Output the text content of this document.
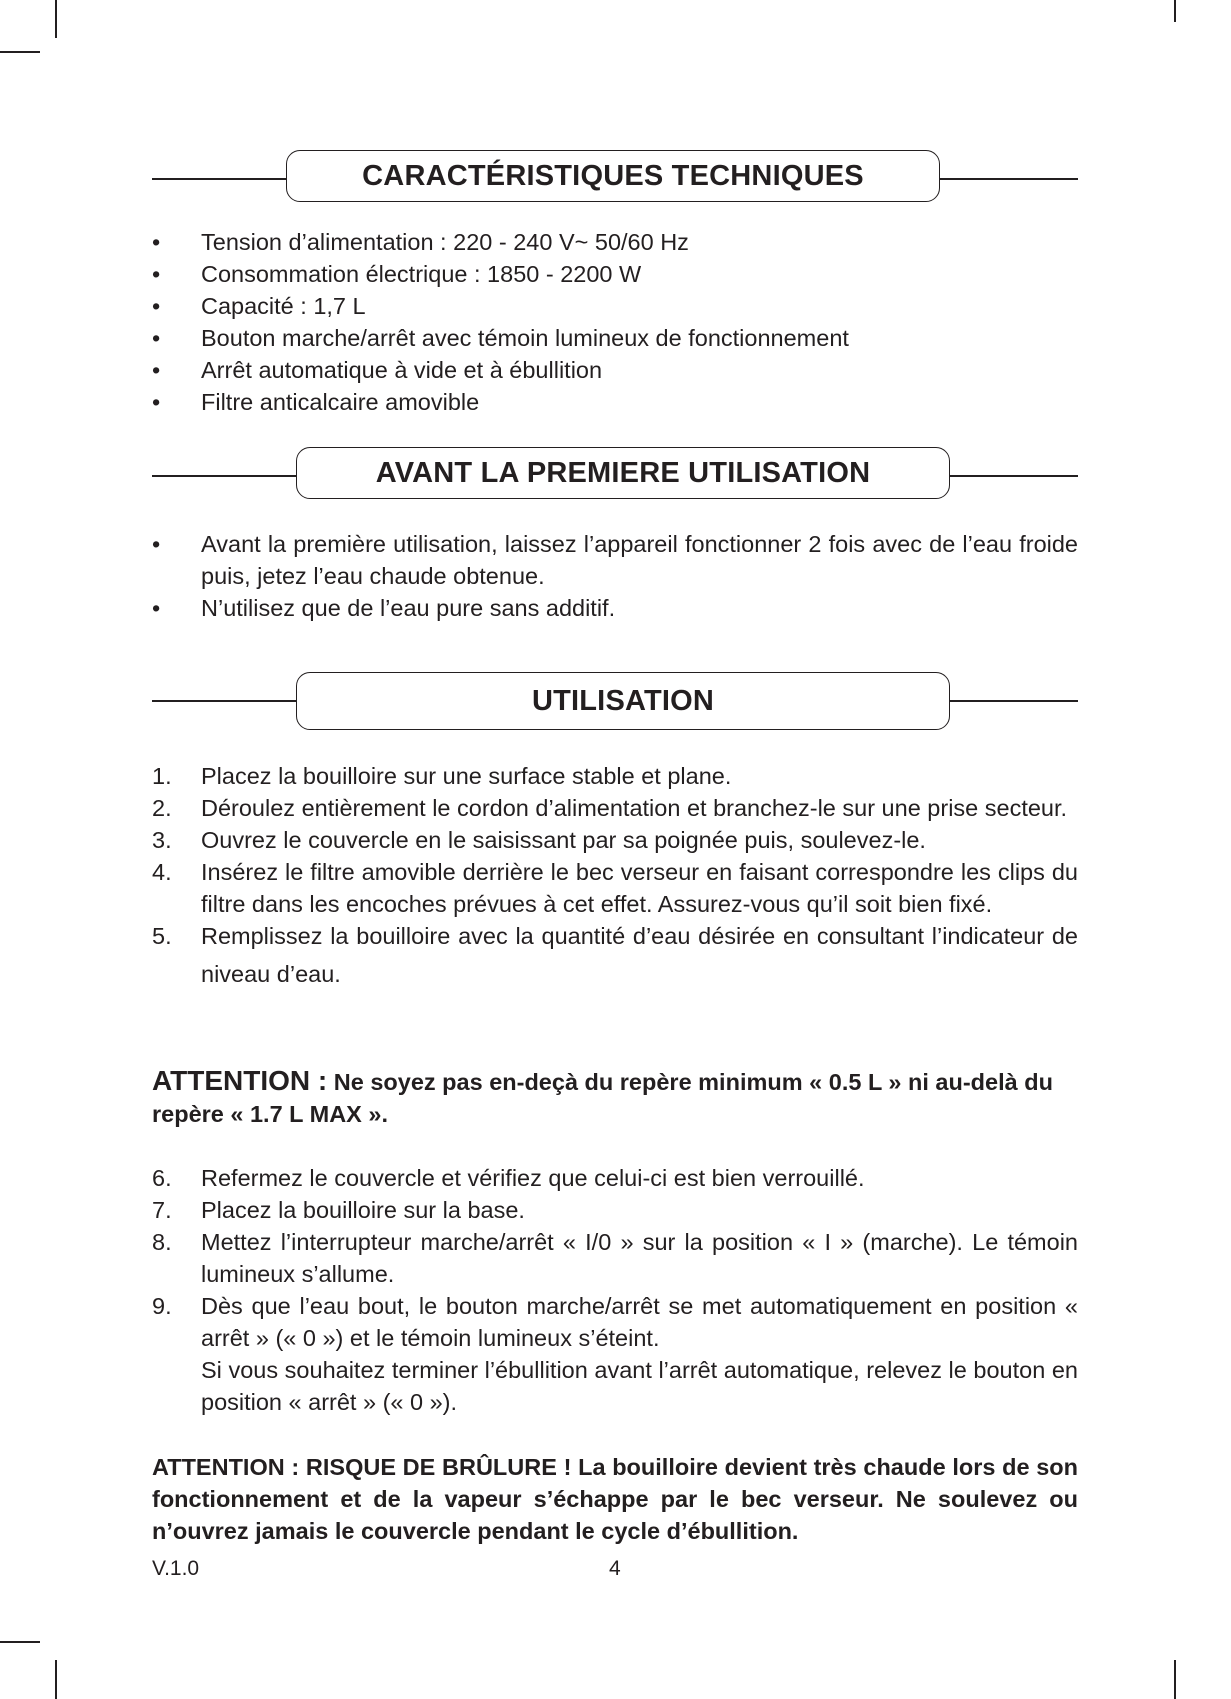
CARACTÉRISTIQUES TECHNIQUES
• Tension d’alimentation : 220 - 240 V~ 50/60 Hz
• Consommation électrique : 1850 - 2200 W
• Capacité : 1,7 L
• Bouton marche/arrêt avec témoin lumineux de fonctionnement
• Arrêt automatique à vide et à ébullition
• Filtre anticalcaire amovible
AVANT LA PREMIERE UTILISATION
• Avant la première utilisation, laissez l’appareil fonctionner 2 fois avec de l’eau froide puis, jetez l’eau chaude obtenue.
• N’utilisez que de l’eau pure sans additif.
UTILISATION
1. Placez la bouilloire sur une surface stable et plane.
2. Déroulez entièrement le cordon d’alimentation et branchez-le sur une prise secteur.
3. Ouvrez le couvercle en le saisissant par sa poignée puis, soulevez-le.
4. Insérez le filtre amovible derrière le bec verseur en faisant correspondre les clips du filtre dans les encoches prévues à cet effet. Assurez-vous qu’il soit bien fixé.
5. Remplissez la bouilloire avec la quantité d’eau désirée en consultant l’indicateur de niveau d’eau.
ATTENTION : Ne soyez pas en-deçà du repère minimum « 0.5 L » ni au-delà du repère « 1.7 L MAX ».
6. Refermez le couvercle et vérifiez que celui-ci est bien verrouillé.
7. Placez la bouilloire sur la base.
8. Mettez l’interrupteur marche/arrêt « I/0 » sur la position « I » (marche). Le témoin lumineux s’allume.
9. Dès que l’eau bout, le bouton marche/arrêt se met automatiquement en position « arrêt » (« 0 ») et le témoin lumineux s’éteint.
Si vous souhaitez terminer l’ébullition avant l’arrêt automatique, relevez le bouton en position « arrêt » (« 0 »).
ATTENTION : RISQUE DE BRÛLURE ! La bouilloire devient très chaude lors de son fonctionnement et de la vapeur s’échappe par le bec verseur. Ne soulevez ou n’ouvrez jamais le couvercle pendant le cycle d’ébullition.
V.1.0	4
